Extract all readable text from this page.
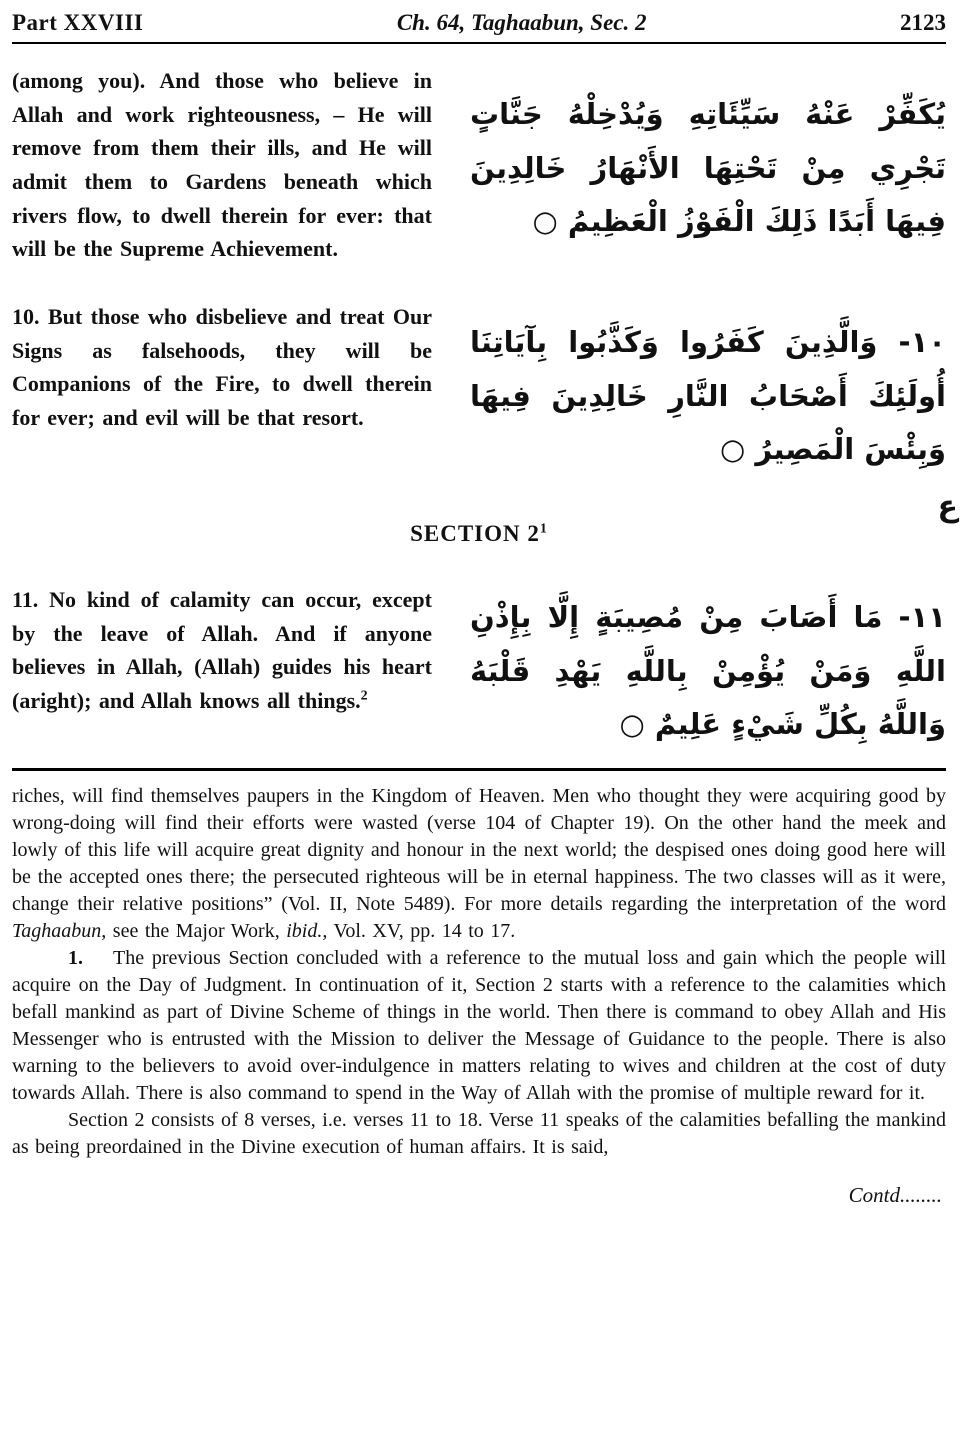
Part XXVIII	Ch. 64, Taghaabun, Sec. 2	2123
(among you). And those who believe in Allah and work righteousness, – He will remove from them their ills, and He will admit them to Gardens beneath which rivers flow, to dwell therein for ever: that will be the Supreme Achievement.
يُكَفِّرْ عَنْهُ سَيِّئَاتِهِ وَيُدْخِلْهُ جَنَّاتٍ تَجْرِي مِنْ تَحْتِهَا الأَنْهَارُ خَالِدِينَ فِيهَا أَبَدًا ذَلِكَ الْفَوْزُ الْعَظِيمُ ○
10. But those who disbelieve and treat Our Signs as falsehoods, they will be Companions of the Fire, to dwell therein for ever; and evil will be that resort.
١٠- وَالَّذِينَ كَفَرُوا وَكَذَّبُوا بِآيَاتِنَا أُولَئِكَ أَصْحَابُ النَّارِ خَالِدِينَ فِيهَا وَبِئْسَ الْمَصِيرُ ○
ع
SECTION $2^1$
11. No kind of calamity can occur, except by the leave of Allah. And if anyone believes in Allah, (Allah) guides his heart (aright); and Allah knows all things.$^2$
١١- مَا أَصَابَ مِنْ مُصِيبَةٍ إِلَّا بِإِذْنِ اللَّهِ وَمَنْ يُؤْمِنْ بِاللَّهِ يَهْدِ قَلْبَهُ وَاللَّهُ بِكُلِّ شَيْءٍ عَلِيمٌ ○

riches, will find themselves paupers in the Kingdom of Heaven. Men who thought they were acquiring good by wrong-doing will find their efforts were wasted (verse 104 of Chapter 19). On the other hand the meek and lowly of this life will acquire great dignity and honour in the next world; the despised ones doing good here will be the accepted ones there; the persecuted righteous will be in eternal happiness. The two classes will as it were, change their relative positions” (Vol. II, Note 5489). For more details regarding the interpretation of the word Taghaabun, see the Major Work, ibid., Vol. XV, pp. 14 to 17.

1.   The previous Section concluded with a reference to the mutual loss and gain which the people will acquire on the Day of Judgment. In continuation of it, Section 2 starts with a reference to the calamities which befall mankind as part of Divine Scheme of things in the world. Then there is command to obey Allah and His Messenger who is entrusted with the Mission to deliver the Message of Guidance to the people. There is also warning to the believers to avoid over-indulgence in matters relating to wives and children at the cost of duty towards Allah. There is also command to spend in the Way of Allah with the promise of multiple reward for it.

Section 2 consists of 8 verses, i.e. verses 11 to 18. Verse 11 speaks of the calamities befalling the mankind as being preordained in the Divine execution of human affairs. It is said,

Contd........
